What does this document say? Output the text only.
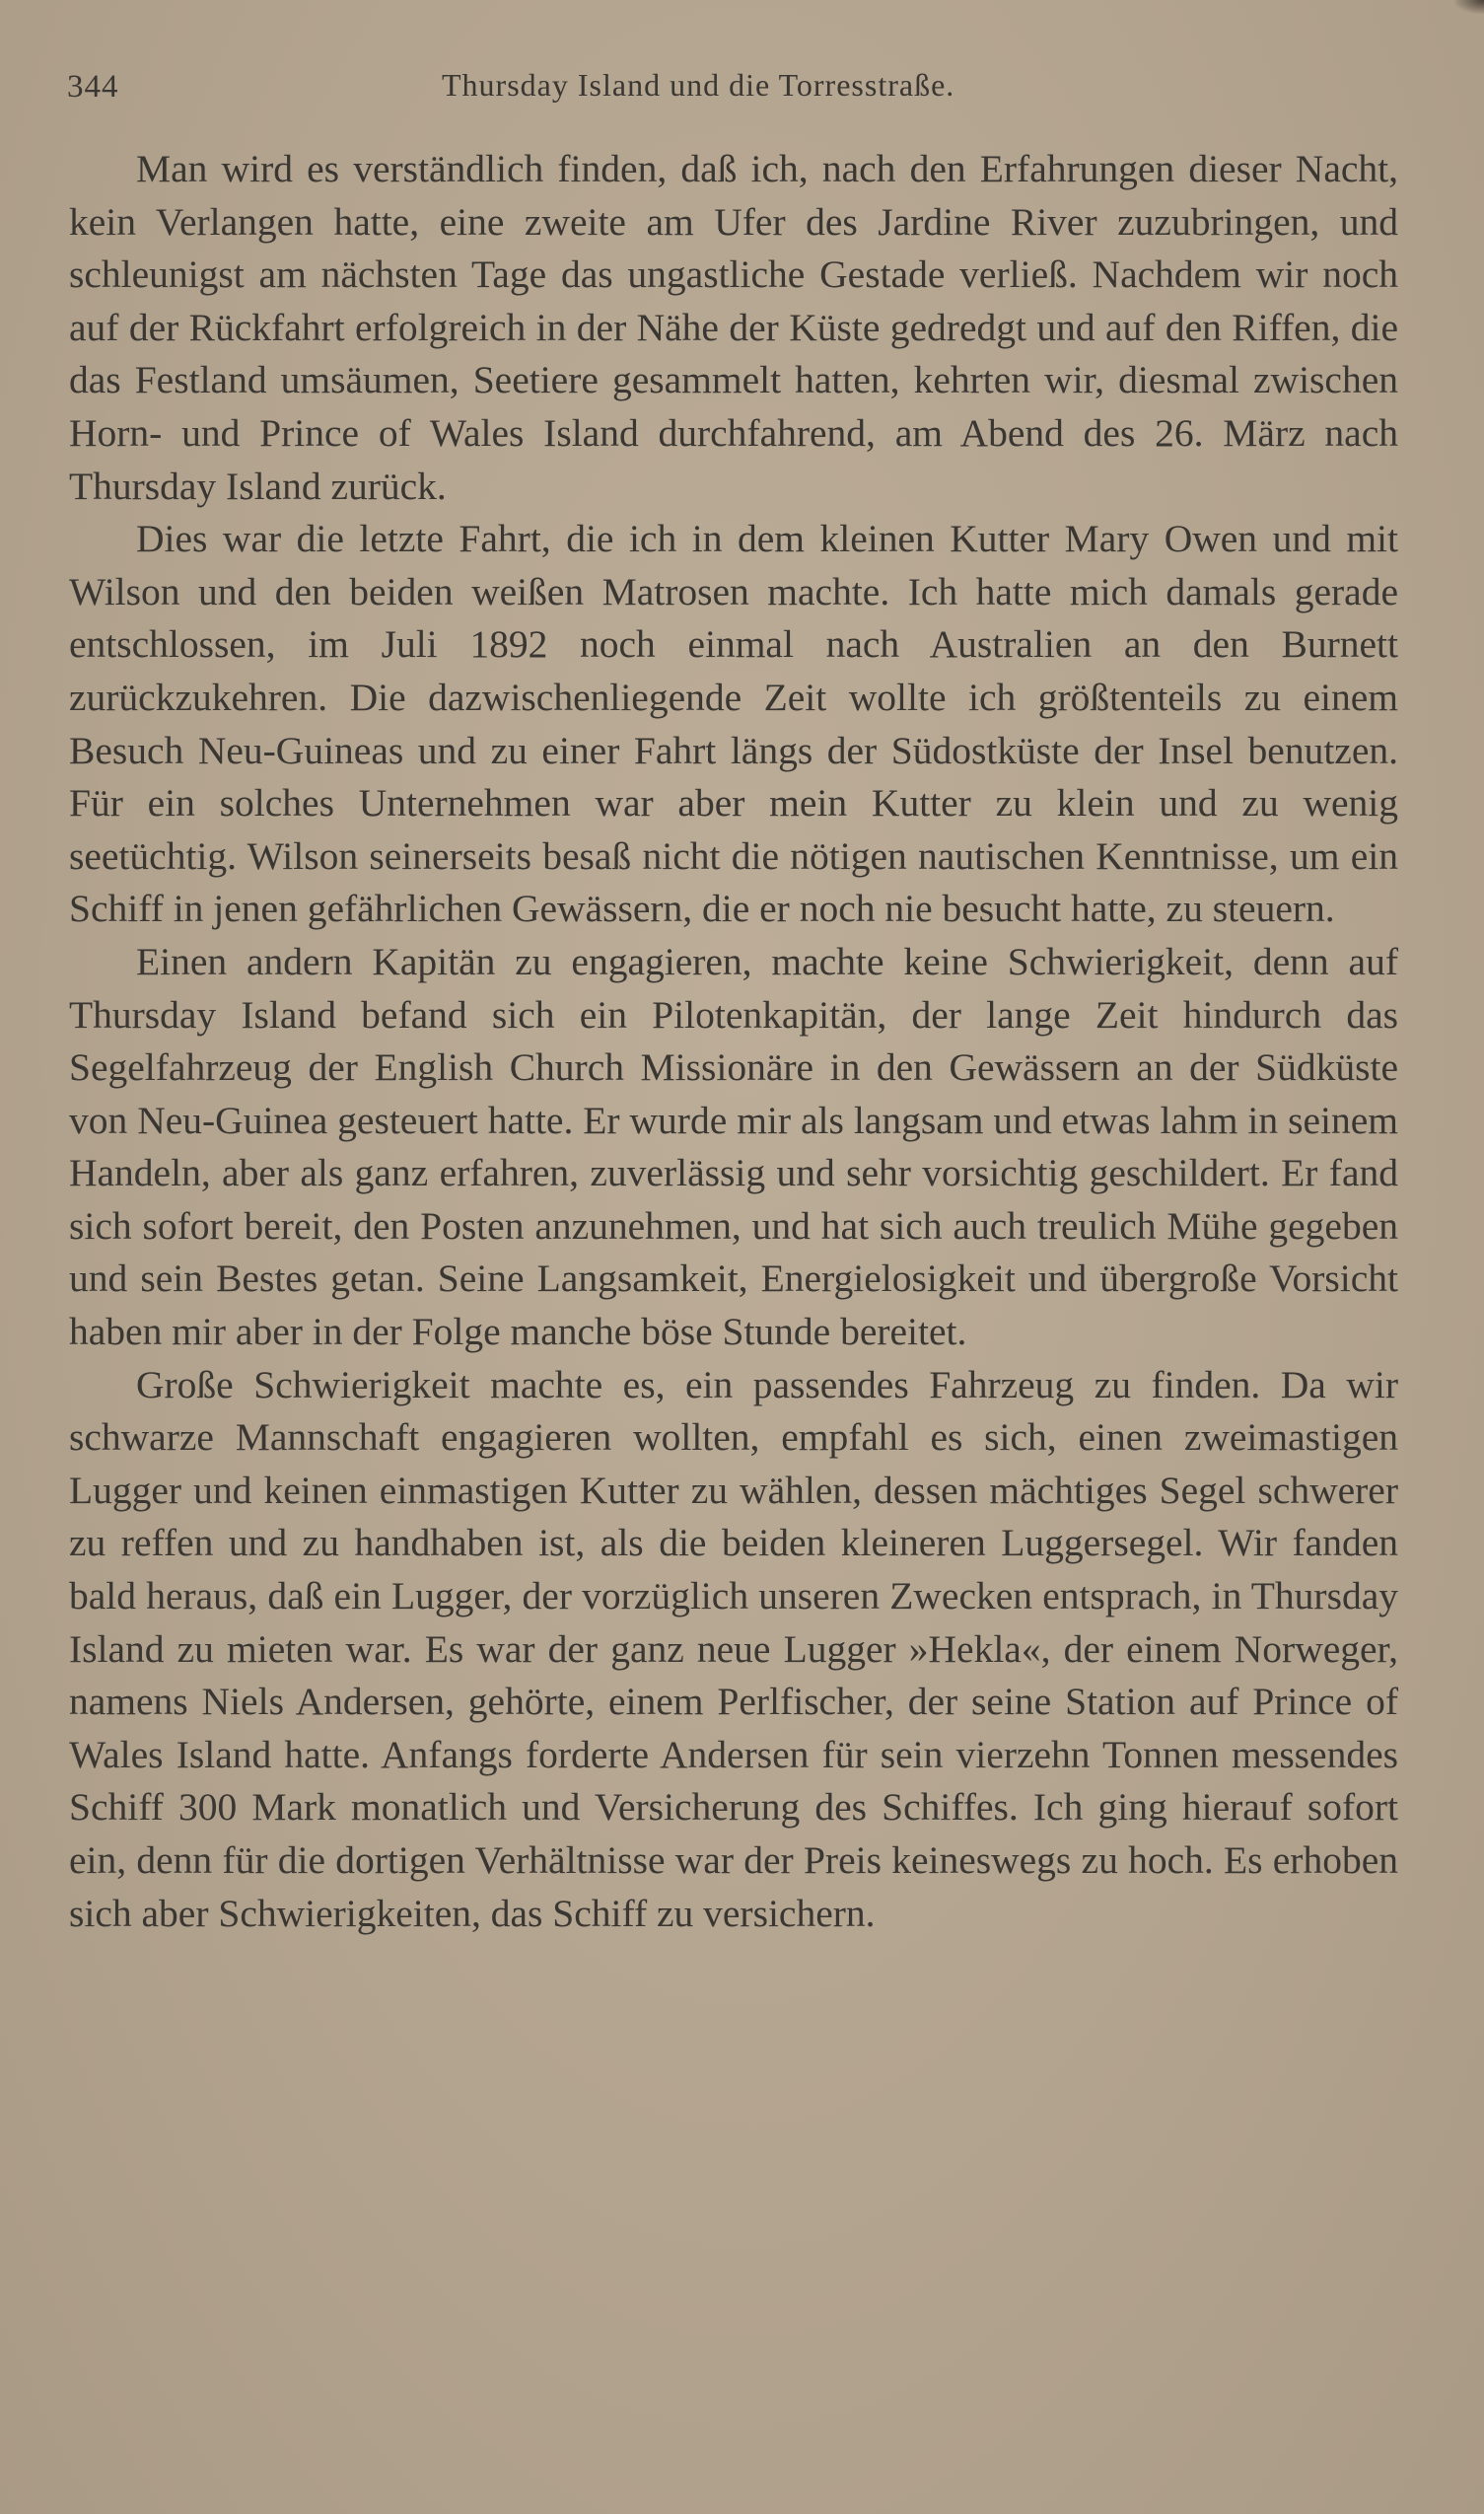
344	Thursday Island und die Torresstraße.

Man wird es verständlich finden, daß ich, nach den Erfahrungen dieser Nacht, kein Verlangen hatte, eine zweite am Ufer des Jardine River zuzubringen, und schleunigst am nächsten Tage das ungastliche Gestade verließ. Nachdem wir noch auf der Rückfahrt erfolgreich in der Nähe der Küste gedredgt und auf den Riffen, die das Festland umsäumen, Seetiere gesammelt hatten, kehrten wir, diesmal zwischen Horn- und Prince of Wales Island durchfahrend, am Abend des 26. März nach Thursday Island zurück.

Dies war die letzte Fahrt, die ich in dem kleinen Kutter Mary Owen und mit Wilson und den beiden weißen Matrosen machte. Ich hatte mich damals gerade entschlossen, im Juli 1892 noch einmal nach Australien an den Burnett zurückzukehren. Die dazwischenliegende Zeit wollte ich größtenteils zu einem Besuch Neu-Guineas und zu einer Fahrt längs der Südostküste der Insel benutzen. Für ein solches Unternehmen war aber mein Kutter zu klein und zu wenig seetüchtig. Wilson seinerseits besaß nicht die nötigen nautischen Kenntnisse, um ein Schiff in jenen gefährlichen Gewässern, die er noch nie besucht hatte, zu steuern.

Einen andern Kapitän zu engagieren, machte keine Schwierigkeit, denn auf Thursday Island befand sich ein Pilotenkapitän, der lange Zeit hindurch das Segelfahrzeug der English Church Missionäre in den Gewässern an der Südküste von Neu-Guinea gesteuert hatte. Er wurde mir als langsam und etwas lahm in seinem Handeln, aber als ganz erfahren, zuverlässig und sehr vorsichtig geschildert. Er fand sich sofort bereit, den Posten anzunehmen, und hat sich auch treulich Mühe gegeben und sein Bestes getan. Seine Langsamkeit, Energielosigkeit und übergroße Vorsicht haben mir aber in der Folge manche böse Stunde bereitet.

Große Schwierigkeit machte es, ein passendes Fahrzeug zu finden. Da wir schwarze Mannschaft engagieren wollten, empfahl es sich, einen zweimastigen Lugger und keinen einmastigen Kutter zu wählen, dessen mächtiges Segel schwerer zu reffen und zu handhaben ist, als die beiden kleineren Luggersegel. Wir fanden bald heraus, daß ein Lugger, der vorzüglich unseren Zwecken entsprach, in Thursday Island zu mieten war. Es war der ganz neue Lugger »Hekla«, der einem Norweger, namens Niels Andersen, gehörte, einem Perlfischer, der seine Station auf Prince of Wales Island hatte. Anfangs forderte Andersen für sein vierzehn Tonnen messendes Schiff 300 Mark monatlich und Versicherung des Schiffes. Ich ging hierauf sofort ein, denn für die dortigen Verhältnisse war der Preis keineswegs zu hoch. Es erhoben sich aber Schwierigkeiten, das Schiff zu versichern.
